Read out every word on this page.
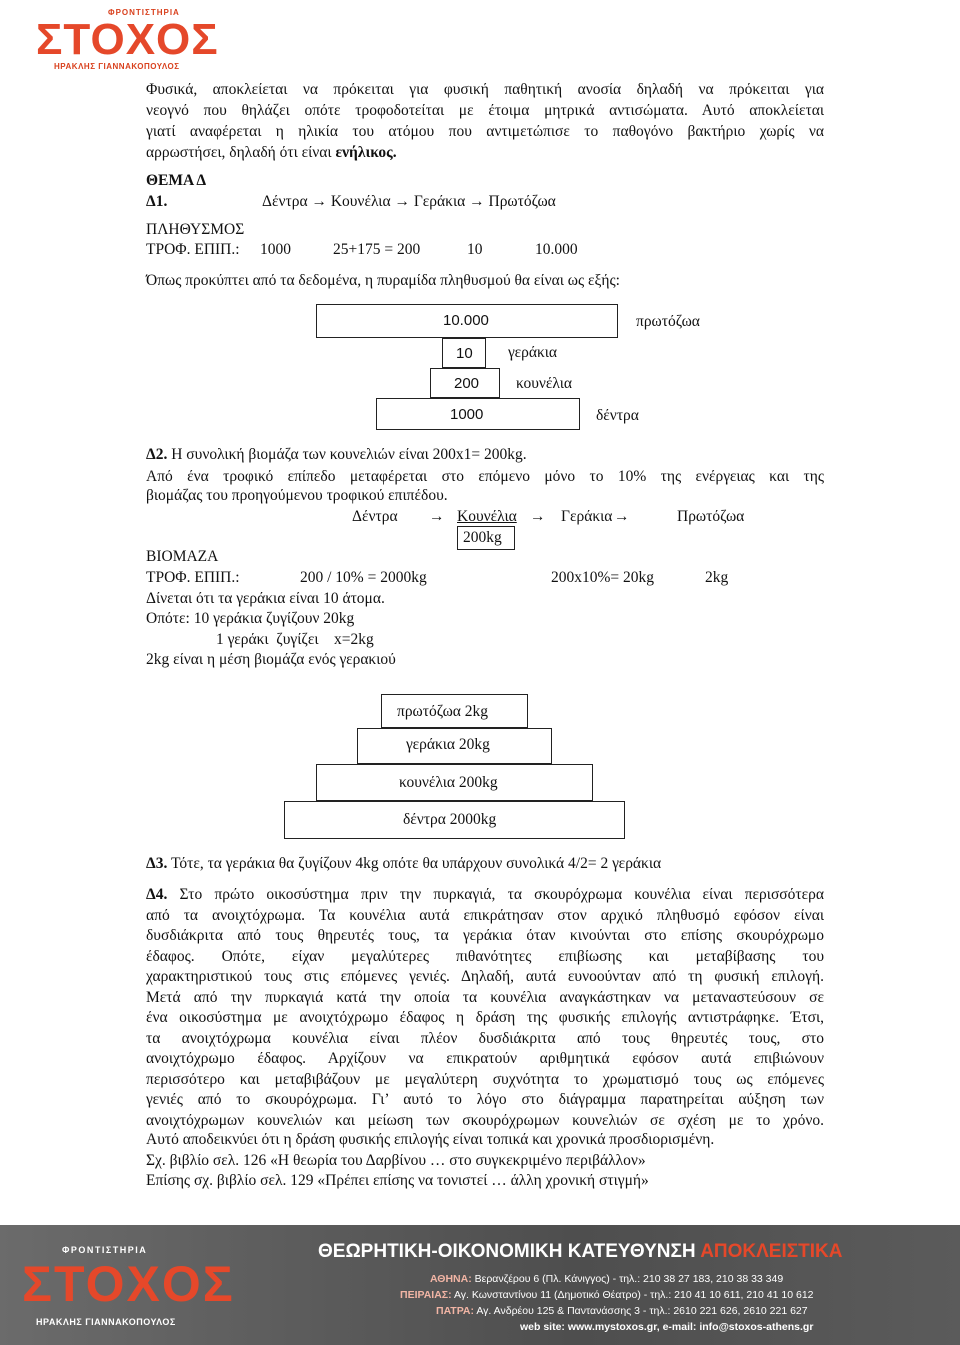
ΦΡΟΝΤΙΣΤΗΡΙΑ
ΣΤΟΧΟΣ
ΗΡΑΚΛΗΣ ΓΙΑΝΝΑΚΟΠΟΥΛΟΣ
Φυσικά, αποκλείεται να πρόκειται για φυσική παθητική ανοσία δηλαδή να πρόκειται για
νεογνό που θηλάζει οπότε τροφοδοτείται με έτοιμα μητρικά αντισώματα. Αυτό αποκλείεται
γιατί αναφέρεται η ηλικία του ατόμου που αντιμετώπισε το παθογόνο βακτήριο χωρίς να
αρρωστήσει, δηλαδή ότι είναι ενήλικος.
ΘΕΜΑ Δ
Δ1.	Δέντρα → Κουνέλια → Γεράκια → Πρωτόζωα
ΠΛΗΘΥΣΜΟΣ
ΤΡΟΦ. ΕΠΙΠ.: 1000	25+175 = 200	10	10.000
Όπως προκύπτει από τα δεδομένα, η πυραμίδα πληθυσμού θα είναι ως εξής:
10.000	πρωτόζωα
10 γεράκια
200 κουνέλια
1000	δέντρα
Δ2. Η συνολική βιομάζα των κουνελιών είναι 200x1= 200kg.
Από ένα τροφικό επίπεδο μεταφέρεται στο επόμενο μόνο το 10% της ενέργειας και της
βιομάζας του προηγούμενου τροφικού επιπέδου.
Δέντρα → Κουνέλια → Γεράκια →	Πρωτόζωα
200kg
ΒΙΟΜΑΖΑ
ΤΡΟΦ. ΕΠΙΠ.:	200 / 10% = 2000kg	200x10%= 20kg	2kg
Δίνεται ότι τα γεράκια είναι 10 άτομα.
Οπότε: 10 γεράκια ζυγίζουν 20kg
1 γεράκι  ζυγίζει    x=2kg
2kg είναι η μέση βιομάζα ενός γερακιού
πρωτόζωα 2kg
γεράκια 20kg
κουνέλια 200kg
δέντρα 2000kg
Δ3. Τότε, τα γεράκια θα ζυγίζουν 4kg οπότε θα υπάρχουν συνολικά 4/2= 2 γεράκια
Δ4. Στο πρώτο οικοσύστημα πριν την πυρκαγιά, τα σκουρόχρωμα κουνέλια είναι περισσότερα
από τα ανοιχτόχρωμα. Τα κουνέλια αυτά επικράτησαν στον αρχικό πληθυσμό εφόσον είναι
δυσδιάκριτα από τους θηρευτές τους, τα γεράκια όταν κινούνται στο επίσης σκουρόχρωμο
έδαφος. Οπότε, είχαν μεγαλύτερες πιθανότητες επιβίωσης και μεταβίβασης του
χαρακτηριστικού τους στις επόμενες γενιές. Δηλαδή, αυτά ευνοούνταν από τη φυσική επιλογή.
Μετά από την πυρκαγιά κατά την οποία τα κουνέλια αναγκάστηκαν να μεταναστεύσουν σε
ένα οικοσύστημα με ανοιχτόχρωμο έδαφος η δράση της φυσικής επιλογής αντιστράφηκε. Έτσι,
τα ανοιχτόχρωμα κουνέλια είναι πλέον δυσδιάκριτα από τους θηρευτές τους, στο
ανοιχτόχρωμο έδαφος. Αρχίζουν να επικρατούν αριθμητικά εφόσον αυτά επιβιώνουν
περισσότερο και μεταβιβάζουν με μεγαλύτερη συχνότητα το χρωματισμό τους ως επόμενες
γενιές από το σκουρόχρωμα. Γι’ αυτό το λόγο στο διάγραμμα παρατηρείται αύξηση των
ανοιχτόχρωμων κουνελιών και μείωση των σκουρόχρωμων κουνελιών σε σχέση με το χρόνο.
Αυτό αποδεικνύει ότι η δράση φυσικής επιλογής είναι τοπικά και χρονικά προσδιορισμένη.
Σχ. βιβλίο σελ. 126 «Η θεωρία του Δαρβίνου … στο συγκεκριμένο περιβάλλον»
Επίσης σχ. βιβλίο σελ. 129 «Πρέπει επίσης να τονιστεί … άλλη χρονική στιγμή»
ΦΡΟΝΤΙΣΤΗΡΙΑ
ΣΤΟΧΟΣ
ΗΡΑΚΛΗΣ ΓΙΑΝΝΑΚΟΠΟΥΛΟΣ
ΘΕΩΡΗΤΙΚΗ-ΟΙΚΟΝΟΜΙΚΗ ΚΑΤΕΥΘΥΝΣΗ ΑΠΟΚΛΕΙΣΤΙΚΑ
ΑΘΗΝΑ: Βερανζέρου 6 (Πλ. Κάνιγγος) - τηλ.: 210 38 27 183, 210 38 33 349
ΠΕΙΡΑΙΑΣ: Αγ. Κωνσταντίνου 11 (Δημοτικό Θέατρο) - τηλ.: 210 41 10 611, 210 41 10 612
ΠΑΤΡΑ: Αγ. Ανδρέου 125 & Παντανάσσης 3 - τηλ.: 2610 221 626, 2610 221 627
web site: www.mystoxos.gr, e-mail: info@stoxos-athens.gr
